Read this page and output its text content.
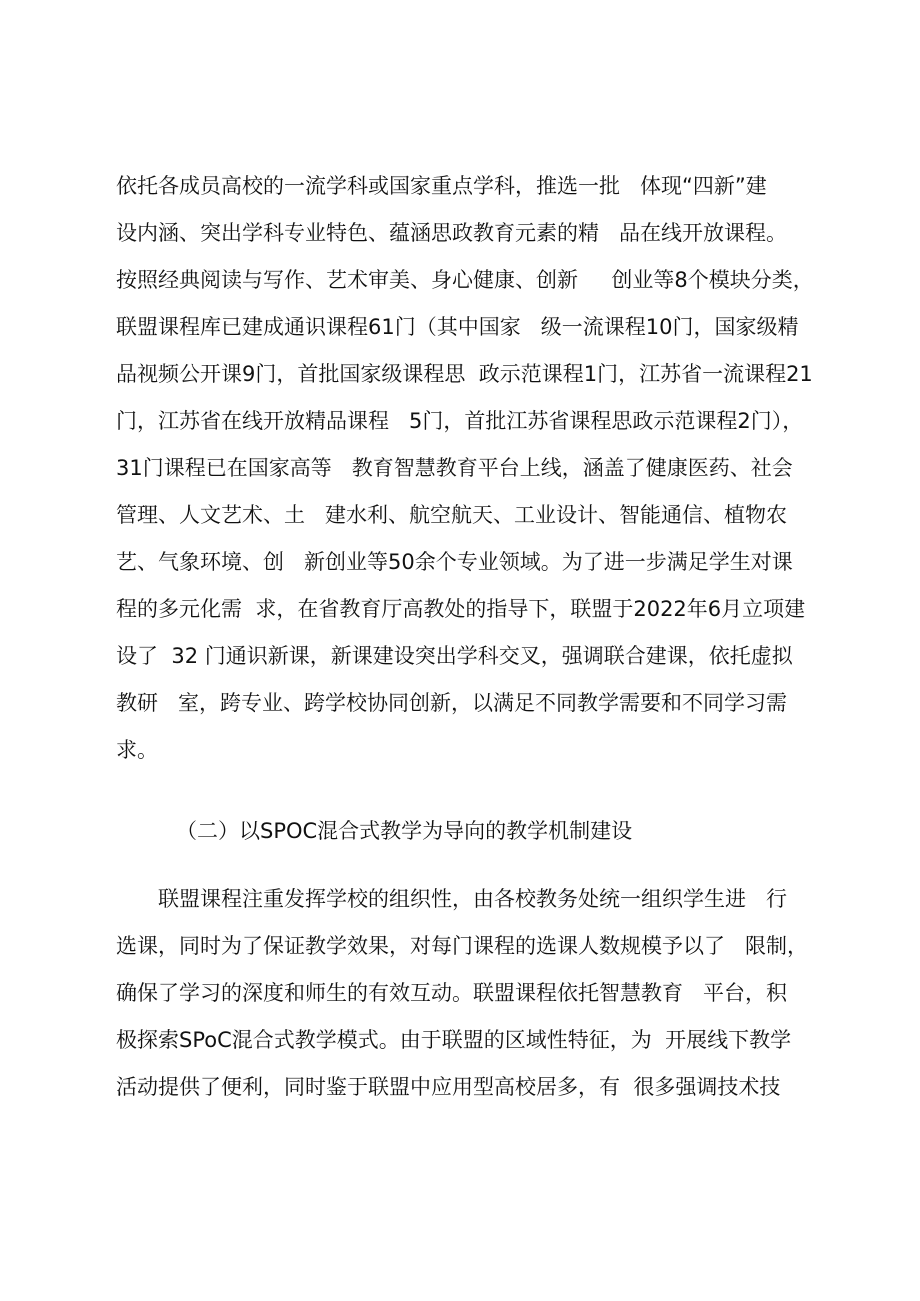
依托各成员高校的一流学科或国家重点学科，推选一批   体现“四新”建
设内涵、突出学科专业特色、蕴涵思政教育元素的精   品在线开放课程。
按照经典阅读与写作、艺术审美、身心健康、创新     创业等8个模块分类，
联盟课程库已建成通识课程61门（其中国家   级一流课程10门，国家级精
品视频公开课9门，首批国家级课程思  政示范课程1门，江苏省一流课程21
门，江苏省在线开放精品课程   5门，首批江苏省课程思政示范课程2门），
31门课程已在国家高等   教育智慧教育平台上线，涵盖了健康医药、社会
管理、人文艺术、土   建水利、航空航天、工业设计、智能通信、植物农
艺、气象环境、创   新创业等50余个专业领域。为了进一步满足学生对课
程的多元化需  求，在省教育厅高教处的指导下，联盟于2022年6月立项建
设了  32 门通识新课，新课建设突出学科交叉，强调联合建课，依托虚拟
教研   室，跨专业、跨学校协同创新，以满足不同教学需要和不同学习需
求。
（二）以SPOC混合式教学为导向的教学机制建设
联盟课程注重发挥学校的组织性，由各校教务处统一组织学生进   行
选课，同时为了保证教学效果，对每门课程的选课人数规模予以了   限制，
确保了学习的深度和师生的有效互动。联盟课程依托智慧教育   平台，积
极探索SPoC混合式教学模式。由于联盟的区域性特征，为  开展线下教学
活动提供了便利，同时鉴于联盟中应用型高校居多，有  很多强调技术技
